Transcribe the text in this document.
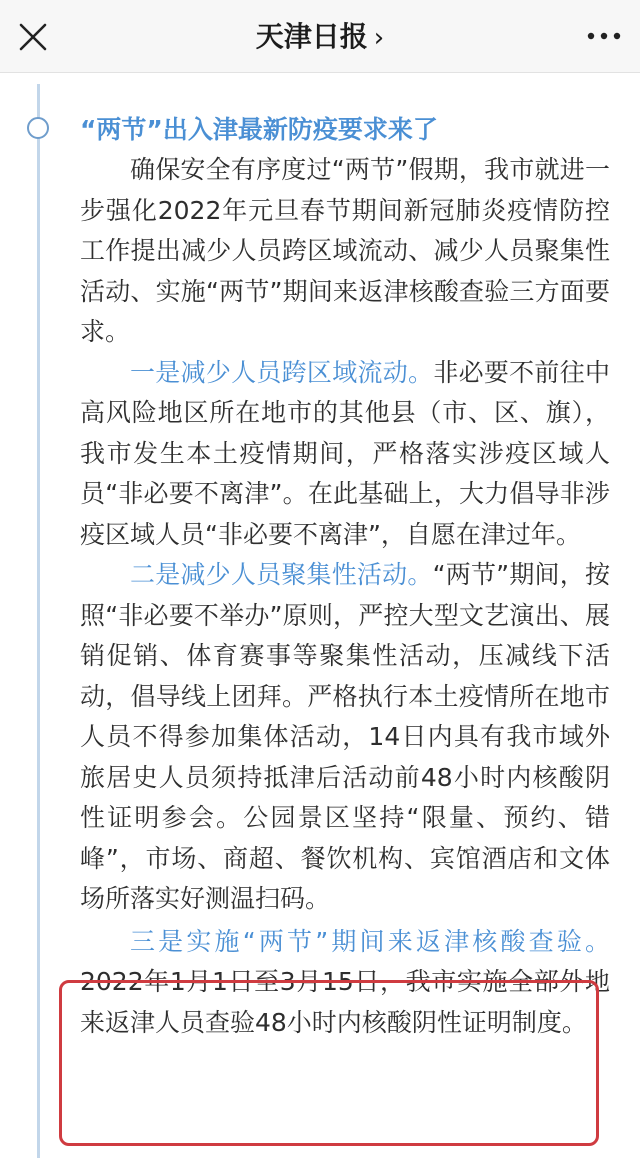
天津日报 ›

“两节”出入津最新防疫要求来了

确保安全有序度过“两节”假期，我市就进一步强化2022年元旦春节期间新冠肺炎疫情防控工作提出减少人员跨区域流动、减少人员聚集性活动、实施“两节”期间来返津核酸查验三方面要求。

一是减少人员跨区域流动。非必要不前往中高风险地区所在地市的其他县（市、区、旗），我市发生本土疫情期间，严格落实涉疫区域人员“非必要不离津”。在此基础上，大力倡导非涉疫区域人员“非必要不离津”，自愿在津过年。

二是减少人员聚集性活动。“两节”期间，按照“非必要不举办”原则，严控大型文艺演出、展销促销、体育赛事等聚集性活动，压减线下活动，倡导线上团拜。严格执行本土疫情所在地市人员不得参加集体活动，14日内具有我市域外旅居史人员须持抵津后活动前48小时内核酸阴性证明参会。公园景区坚持“限量、预约、错峰”，市场、商超、餐饮机构、宾馆酒店和文体场所落实好测温扫码。

三是实施“两节”期间来返津核酸查验。2022年1月1日至3月15日，我市实施全部外地来返津人员查验48小时内核酸阴性证明制度。
